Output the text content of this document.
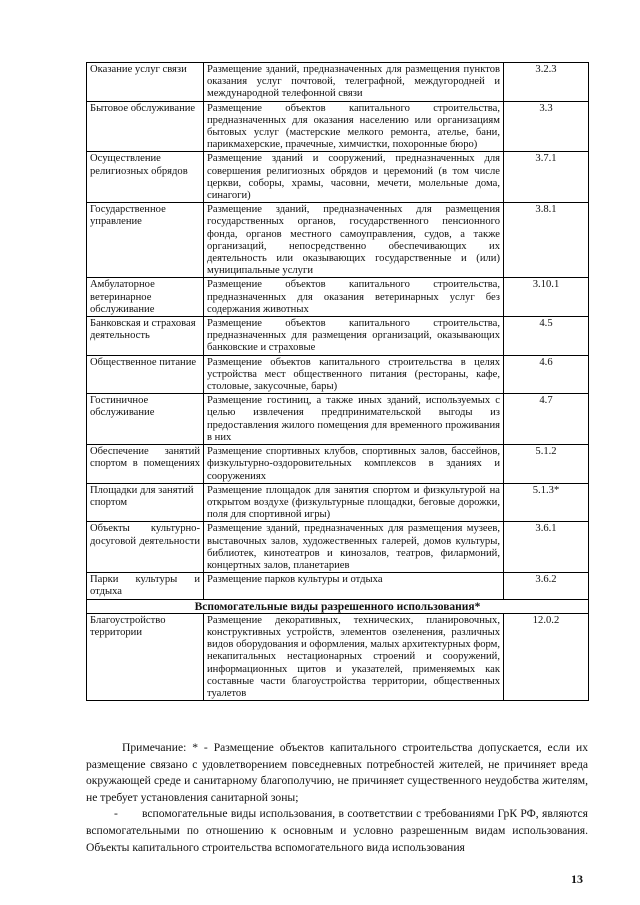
Оказание услуг связи	Размещение зданий, предназначенных для размещения пунктов оказания услуг почтовой, телеграфной, междугородней и международной телефонной связи	3.2.3
Бытовое обслуживание	Размещение объектов капитального строительства, предназначенных для оказания населению или организациям бытовых услуг (мастерские мелкого ремонта, ателье, бани, парикмахерские, прачечные, химчистки, похоронные бюро)	3.3
Осуществление религиозных обрядов	Размещение зданий и сооружений, предназначенных для совершения религиозных обрядов и церемоний (в том числе церкви, соборы, храмы, часовни, мечети, молельные дома, синагоги)	3.7.1
Государственное управление	Размещение зданий, предназначенных для размещения государственных органов, государственного пенсионного фонда, органов местного самоуправления, судов, а также организаций, непосредственно обеспечивающих их деятельность или оказывающих государственные и (или) муниципальные услуги	3.8.1
Амбулаторное ветеринарное обслуживание	Размещение объектов капитального строительства, предназначенных для оказания ветеринарных услуг без содержания животных	3.10.1
Банковская и страховая деятельность	Размещение объектов капитального строительства, предназначенных для размещения организаций, оказывающих банковские и страховые	4.5
Общественное питание	Размещение объектов капитального строительства в целях устройства мест общественного питания (рестораны, кафе, столовые, закусочные, бары)	4.6
Гостиничное обслуживание	Размещение гостиниц, а также иных зданий, используемых с целью извлечения предпринимательской выгоды из предоставления жилого помещения для временного проживания в них	4.7
Обеспечение занятий спортом в помещениях	Размещение спортивных клубов, спортивных залов, бассейнов, физкультурно-оздоровительных комплексов в зданиях и сооружениях	5.1.2
Площадки для занятий спортом	Размещение площадок для занятия спортом и физкультурой на открытом воздухе (физкультурные площадки, беговые дорожки, поля для спортивной игры)	5.1.3*
Объекты культурно-досуговой деятельности	Размещение зданий, предназначенных для размещения музеев, выставочных залов, художественных галерей, домов культуры, библиотек, кинотеатров и кинозалов, театров, филармоний, концертных залов, планетариев	3.6.1
Парки культуры и отдыха	Размещение парков культуры и отдыха	3.6.2
Вспомогательные виды разрешенного использования*		
Благоустройство территории	Размещение декоративных, технических, планировочных, конструктивных устройств, элементов озеленения, различных видов оборудования и оформления, малых архитектурных форм, некапитальных нестационарных строений и сооружений, информационных щитов и указателей, применяемых как составные части благоустройства территории, общественных туалетов	12.0.2

Примечание: * - Размещение объектов капитального строительства допускается, если их размещение связано с удовлетворением повседневных потребностей жителей, не причиняет вреда окружающей среде и санитарному благополучию, не причиняет существенного неудобства жителям, не требует установления санитарной зоны;

- вспомогательные виды использования, в соответствии с требованиями ГрК РФ, являются вспомогательными по отношению к основным и условно разрешенным видам использования. Объекты капитального строительства вспомогательного вида использования

13
